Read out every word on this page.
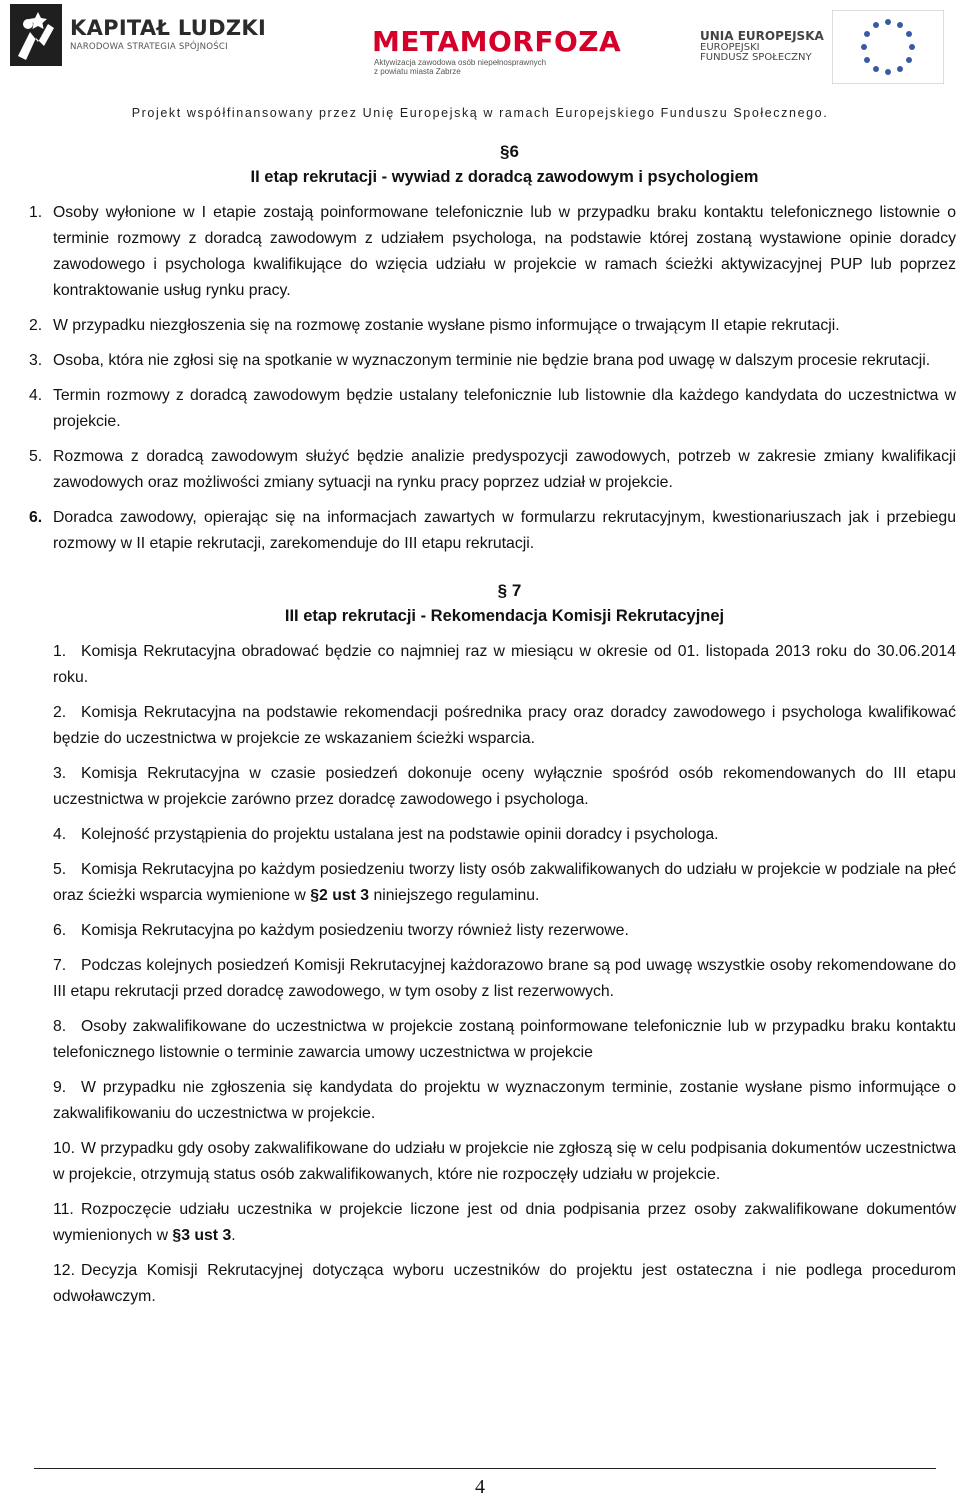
KAPITAŁ LUDZKI
NARODOWA STRATEGIA SPÓJNOŚCI	METAMORFOZA
Aktywizacja zawodowa osób niepełnosprawnych
z powiatu miasta Zabrze
UNIA EUROPEJSKA
EUROPEJSKI
FUNDUSZ SPOŁECZNY
Projekt współfinansowany przez Unię Europejską w ramach Europejskiego Funduszu Społecznego.
§6
II etap rekrutacji - wywiad z doradcą zawodowym i psychologiem
1. Osoby wyłonione w I etapie zostają poinformowane telefonicznie lub w przypadku braku kontaktu telefonicznego listownie o terminie rozmowy z doradcą zawodowym z udziałem psychologa, na podstawie której zostaną wystawione opinie doradcy zawodowego i psychologa kwalifikujące do wzięcia udziału w projekcie w ramach ścieżki aktywizacyjnej PUP lub poprzez kontraktowanie usług rynku pracy.
2. W przypadku niezgłoszenia się na rozmowę zostanie wysłane pismo informujące o trwającym II etapie rekrutacji.
3. Osoba, która nie zgłosi się na spotkanie w wyznaczonym terminie nie będzie brana pod uwagę w dalszym procesie rekrutacji.
4. Termin rozmowy z doradcą zawodowym będzie ustalany telefonicznie lub listownie dla każdego kandydata do uczestnictwa w projekcie.
5. Rozmowa z doradcą zawodowym służyć będzie analizie predyspozycji zawodowych, potrzeb w zakresie zmiany kwalifikacji zawodowych oraz możliwości zmiany sytuacji na rynku pracy poprzez udział w projekcie.
6. Doradca zawodowy, opierając się na informacjach zawartych w formularzu rekrutacyjnym, kwestionariuszach jak i przebiegu rozmowy w II etapie rekrutacji, zarekomenduje do III etapu rekrutacji.
§ 7
III etap rekrutacji - Rekomendacja Komisji Rekrutacyjnej
1. Komisja Rekrutacyjna obradować będzie co najmniej raz w miesiącu w okresie od 01. listopada 2013 roku do 30.06.2014 roku.
2. Komisja Rekrutacyjna na podstawie rekomendacji pośrednika pracy oraz doradcy zawodowego i psychologa kwalifikować będzie do uczestnictwa w projekcie ze wskazaniem ścieżki wsparcia.
3. Komisja Rekrutacyjna w czasie posiedzeń dokonuje oceny wyłącznie spośród osób rekomendowanych do III etapu uczestnictwa w projekcie zarówno przez doradcę zawodowego i psychologa.
4. Kolejność przystąpienia do projektu ustalana jest na podstawie opinii doradcy i psychologa.
5. Komisja Rekrutacyjna po każdym posiedzeniu tworzy listy osób zakwalifikowanych do udziału w projekcie w podziale na płeć oraz ścieżki wsparcia wymienione w §2 ust 3 niniejszego regulaminu.
6. Komisja Rekrutacyjna po każdym posiedzeniu tworzy również listy rezerwowe.
7. Podczas kolejnych posiedzeń Komisji Rekrutacyjnej każdorazowo brane są pod uwagę wszystkie osoby rekomendowane do III etapu rekrutacji przed doradcę zawodowego, w tym osoby z list rezerwowych.
8. Osoby zakwalifikowane do uczestnictwa w projekcie zostaną poinformowane telefonicznie lub w przypadku braku kontaktu telefonicznego listownie o terminie zawarcia umowy uczestnictwa w projekcie
9. W przypadku nie zgłoszenia się kandydata do projektu w wyznaczonym terminie, zostanie wysłane pismo informujące o zakwalifikowaniu do uczestnictwa w projekcie.
10. W przypadku gdy osoby zakwalifikowane do udziału w projekcie nie zgłoszą się w celu podpisania dokumentów uczestnictwa w projekcie, otrzymują status osób zakwalifikowanych, które nie rozpoczęły udziału w projekcie.
11. Rozpoczęcie udziału uczestnika w projekcie liczone jest od dnia podpisania przez osoby zakwalifikowane dokumentów wymienionych w §3 ust 3.
12. Decyzja Komisji Rekrutacyjnej dotycząca wyboru uczestników do projektu jest ostateczna i nie podlega procedurom odwoławczym.
4
